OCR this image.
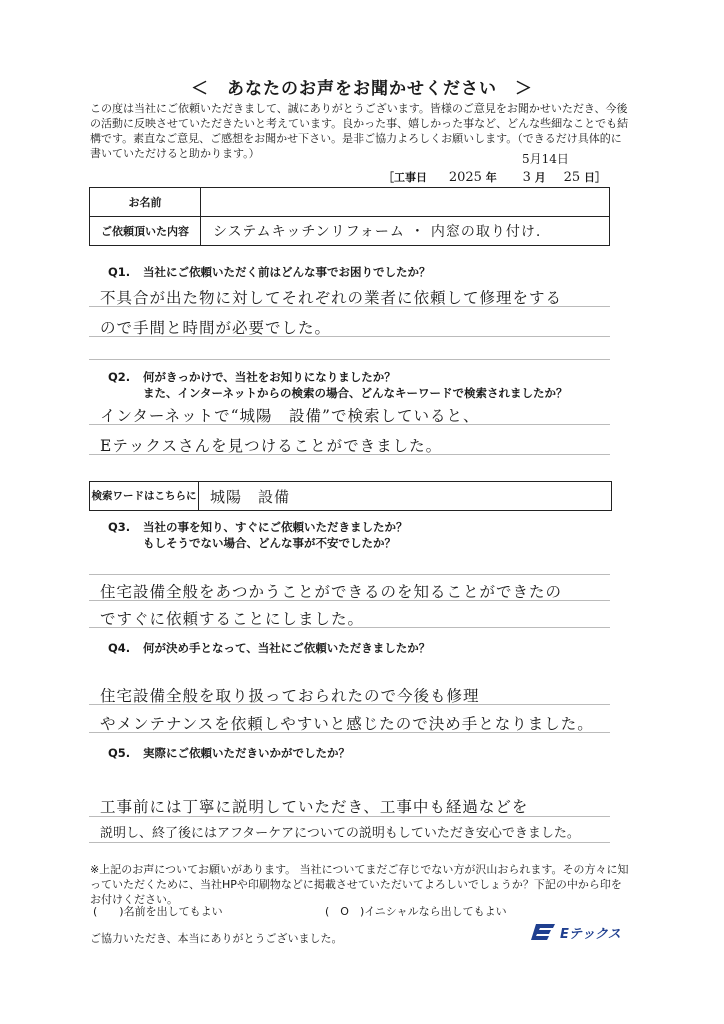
＜　あなたのお声をお聞かせください　＞
この度は当社にご依頼いただきまして、誠にありがとうございます。皆様のご意見をお聞かせいただき、今後の活動に反映させていただきたいと考えています。良かった事、嬉しかった事など、どんな些細なことでも結構です。素直なご意見、ご感想をお聞かせ下さい。是非ご協力よろしくお願いします。（できるだけ具体的に書いていただけると助かります。）	5月14日
［工事日 2025 年 3 月 25 日］
お名前	
ご依頼頂いた内容	システムキッチンリフォーム ・ 内窓の取り付け.
Q1. 当社にご依頼いただく前はどんな事でお困りでしたか？
不具合が出た物に対してそれぞれの業者に依頼して修理をする
ので手間と時間が必要でした。
Q2. 何がきっかけで、当社をお知りになりましたか？
また、インターネットからの検索の場合、どんなキーワードで検索されましたか？
インターネットで“城陽　設備”で検索していると、
Eテックスさんを見つけることができました。
検索ワードはこちらに 城陽　設備
Q3. 当社の事を知り、すぐにご依頼いただきましたか？
もしそうでない場合、どんな事が不安でしたか？
住宅設備全般をあつかうことができるのを知ることができたの
ですぐに依頼することにしました。
Q4. 何が決め手となって、当社にご依頼いただきましたか？
住宅設備全般を取り扱っておられたので今後も修理
やメンテナンスを依頼しやすいと感じたので決め手となりました。
Q5. 実際にご依頼いただきいかがでしたか？
工事前には丁寧に説明していただき、工事中も経過などを
説明し、終了後にはアフターケアについての説明もしていただき安心できました。
※上記のお声についてお願いがあります。 当社についてまだご存じでない方が沢山おられます。その方々に知っていただくために、当社HPや印刷物などに掲載させていただいてよろしいでしょうか？下記の中から印をお付けください。
(　　)名前を出してもよい	(　O　)イニシャルなら出してもよい
ご協力いただき、本当にありがとうございました。	Eテックス
